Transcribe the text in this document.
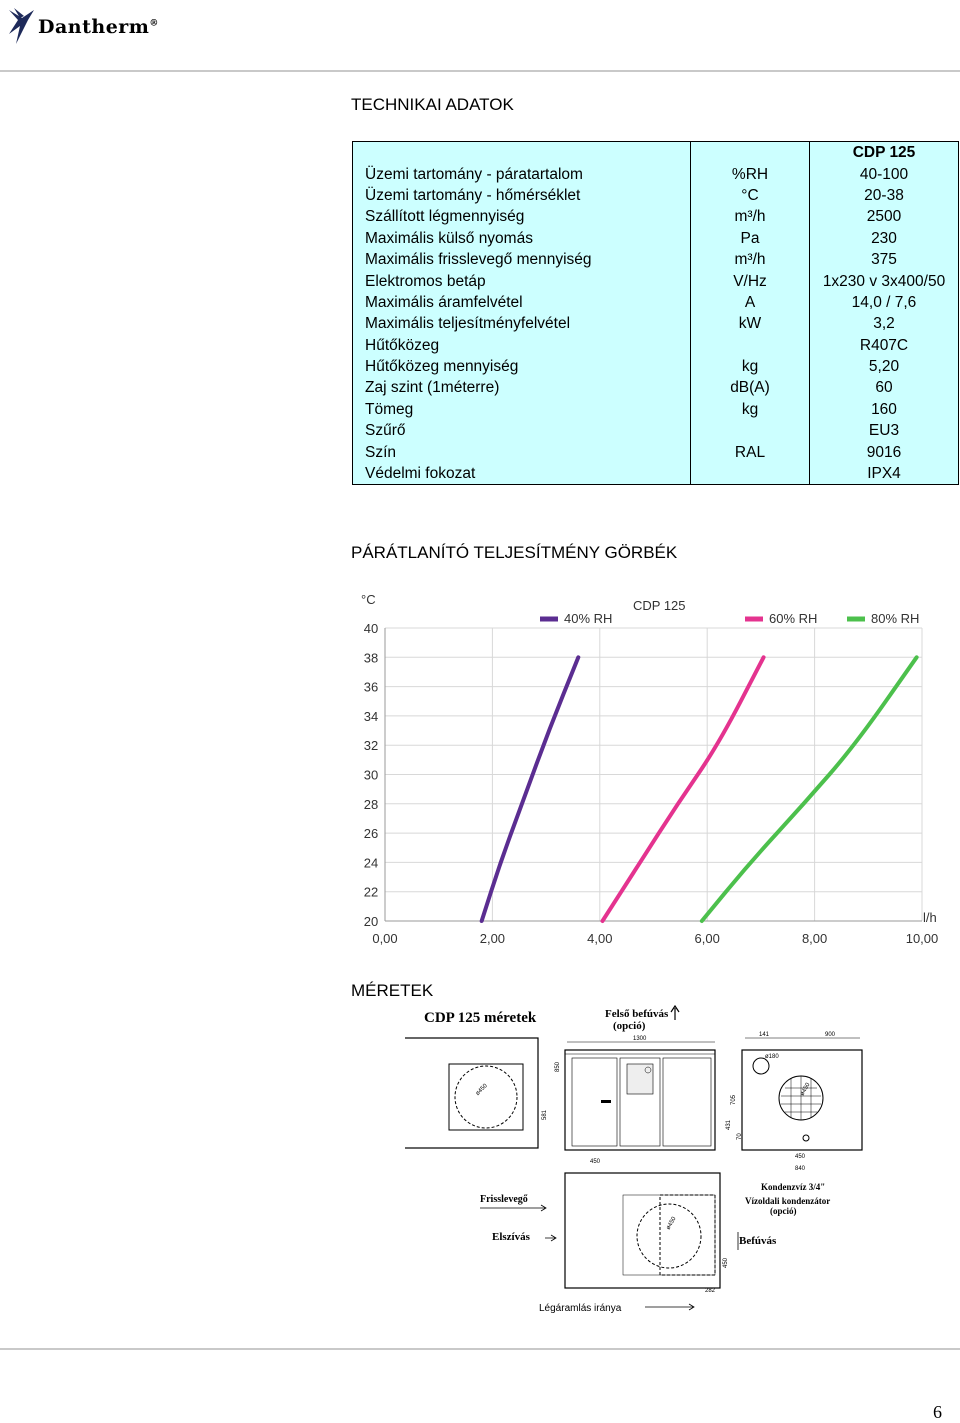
Dantherm®
TECHNIKAI ADATOK
		CDP 125
Üzemi tartomány - páratartalom	%RH	40-100
Üzemi tartomány - hőmérséklet	°C	20-38
Szállított légmennyiség	m³/h	2500
Maximális külső nyomás	Pa	230
Maximális frisslevegő mennyiség	m³/h	375
Elektromos betáp	V/Hz	1x230 v 3x400/50
Maximális áramfelvétel	A	14,0 / 7,6
Maximális teljesítményfelvétel	kW	3,2
Hűtőközeg		R407C
Hűtőközeg mennyiség	kg	5,20
Zaj szint (1méterre)	dB(A)	60
Tömeg	kg	160
Szűrő		EU3
Szín	RAL	9016
Védelmi fokozat		IPX4
PÁRÁTLANÍTÓ TELJESÍTMÉNY GÖRBÉK
20
22
24
26
28
30
32
34
36
38
40
0,00	2,00	4,00	6,00	8,00	10,00
°C
l/h
CDP 125
40% RH	60% RH	80% RH
MÉRETEK
CDP 125 méretek	Felső befúvás (opció)
ø450
581
1300
850
141	900
ø180
ø450
705
70
431
450
450
840
ø450
282
450
Frisslevegő
Elszívás	Befúvás
Kondenzvíz 3/4"
Vízoldali kondenzátor (opció)
Légáramlás iránya
6
